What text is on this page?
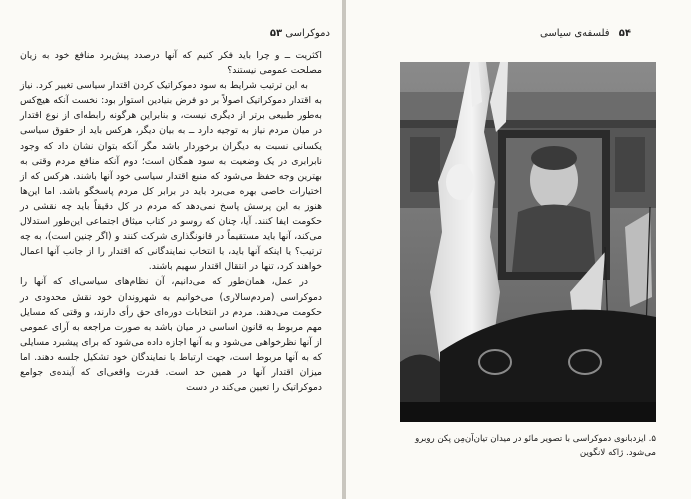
دموکراسی ۵۳

اکثریت ــ و چرا باید فکر کنیم که آنها درصدد پیش‌برد منافع خود به زیان مصلحت عمومی نیستند؟

به این ترتیب شرایط به سود دموکراتیک کردن اقتدار سیاسی تغییر کرد. نیاز به اقتدار دموکراتیک اصولاً بر دو فرض بنیادین استوار بود: نخست آنکه هیچ‌کس به‌طور طبیعی برتر از دیگری نیست، و بنابراین هرگونه رابطه‌ای از نوع اقتدار در میان مردم نیاز به توجیه دارد ــ به بیان دیگر، هرکس باید از حقوق سیاسی یکسانی نسبت به دیگران برخوردار باشد مگر آنکه بتوان نشان داد که وجود نابرابری در یک وضعیت به سود همگان است؛ دوم آنکه منافع مردم وقتی به بهترین وجه حفظ می‌شود که منبع اقتدار سیاسی خود آنها باشند. هرکس که از اختیارات خاصی بهره می‌برد باید در برابر کل مردم پاسخگو باشد. اما این‌ها هنوز به این پرسش پاسخ نمی‌دهد که مردم در کل دقیقاً باید چه نقشی در حکومت ایفا کنند. آیا، چنان که روسو در کتاب میثاق اجتماعی این‌طور استدلال می‌کند، آنها باید مستقیماً در قانونگذاری شرکت کنند و (اگر چنین است)، به چه ترتیب؟ یا اینکه آنها باید، با انتخاب نمایندگانی که اقتدار را از جانب آنها اعمال خواهند کرد، تنها در انتقال اقتدار سهیم باشند.

در عمل، همان‌طور که می‌دانیم، آن نظام‌های سیاسی‌ای که آنها را دموکراسی (مردم‌سالاری) می‌خوانیم به شهروندان خود نقش محدودی در حکومت می‌دهند. مردم در انتخابات دوره‌ای حق رأی دارند، و وقتی که مسایل مهم مربوط به قانون اساسی در میان باشد به صورت مراجعه به آرای عمومی از آنها نظرخواهی می‌شود و به آنها اجازه داده می‌شود که برای پیشبرد مسایلی که به آنها مربوط است، جهت ارتباط با نمایندگان خود تشکیل جلسه دهند. اما میزان اقتدار آنها در همین حد است. قدرت واقعی‌ای که آینده‌ی جوامع دموکراتیک را تعیین می‌کند در دست

۵۴ فلسفه‌ی سیاسی
۵. ایزدبانوی دموکراسی با تصویر مائو در میدان تیان‌آن‌مِن پکن روبرو می‌شود. ژاکه لانگوین
